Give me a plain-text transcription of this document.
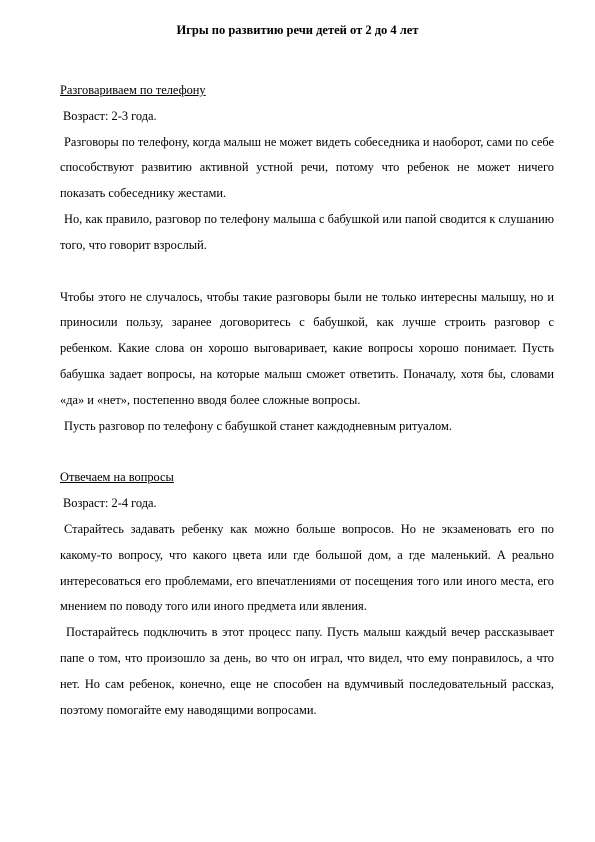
Игры по развитию речи детей от 2 до 4 лет

Разговариваем по телефону

Возраст: 2-3 года.

Разговоры по телефону, когда малыш не может видеть собеседника и наоборот, сами по себе способствуют развитию активной устной речи, потому что ребенок не может ничего показать собеседнику жестами.

Но, как правило, разговор по телефону малыша с бабушкой или папой сводится к слушанию того, что говорит взрослый.

Чтобы этого не случалось, чтобы такие разговоры были не только интересны малышу, но и приносили пользу, заранее договоритесь с бабушкой, как лучше строить разговор с ребенком. Какие слова он хорошо выговаривает, какие вопросы хорошо понимает. Пусть бабушка задает вопросы, на которые малыш сможет ответить. Поначалу, хотя бы, словами «да» и «нет», постепенно вводя более сложные вопросы.

Пусть разговор по телефону с бабушкой станет каждодневным ритуалом.

Отвечаем на вопросы

Возраст: 2-4 года.

Старайтесь задавать ребенку как можно больше вопросов. Но не экзаменовать его по какому-то вопросу, что какого цвета или где большой дом, а где маленький. А реально интересоваться его проблемами, его впечатлениями от посещения того или иного места, его мнением по поводу того или иного предмета или явления.

Постарайтесь подключить в этот процесс папу. Пусть малыш каждый вечер рассказывает папе о том, что произошло за день, во что он играл, что видел, что ему понравилось, а что нет. Но сам ребенок, конечно, еще не способен на вдумчивый последовательный рассказ, поэтому помогайте ему наводящими вопросами.
